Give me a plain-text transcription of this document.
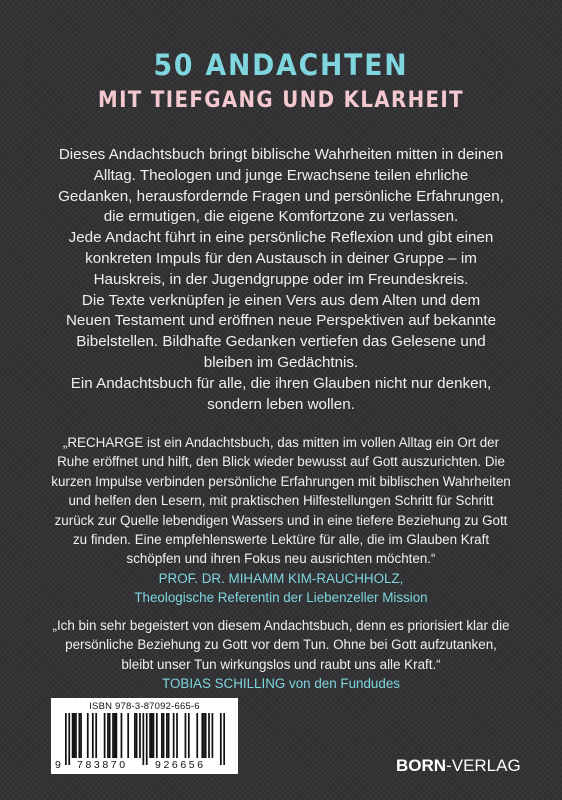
50 ANDACHTEN
MIT TIEFGANG UND KLARHEIT

Dieses Andachtsbuch bringt biblische Wahrheiten mitten in deinen Alltag. Theologen und junge Erwachsene teilen ehrliche Gedanken, herausfordernde Fragen und persönliche Erfahrungen, die ermutigen, die eigene Komfortzone zu verlassen.

Jede Andacht führt in eine persönliche Reflexion und gibt einen konkreten Impuls für den Austausch in deiner Gruppe – im Hauskreis, in der Jugendgruppe oder im Freundeskreis.

Die Texte verknüpfen je einen Vers aus dem Alten und dem Neuen Testament und eröffnen neue Perspektiven auf bekannte Bibelstellen. Bildhafte Gedanken vertiefen das Gelesene und bleiben im Gedächtnis.

Ein Andachtsbuch für alle, die ihren Glauben nicht nur denken, sondern leben wollen.

„RECHARGE ist ein Andachtsbuch, das mitten im vollen Alltag ein Ort der Ruhe eröffnet und hilft, den Blick wieder bewusst auf Gott auszurichten. Die kurzen Impulse verbinden persönliche Erfahrungen mit biblischen Wahrheiten und helfen den Lesern, mit praktischen Hilfestellungen Schritt für Schritt zurück zur Quelle lebendigen Wassers und in eine tiefere Beziehung zu Gott zu finden. Eine empfehlenswerte Lektüre für alle, die im Glauben Kraft schöpfen und ihren Fokus neu ausrichten möchten.“

PROF. DR. MIHAMM KIM-RAUCHHOLZ,

Theologische Referentin der Liebenzeller Mission

„Ich bin sehr begeistert von diesem Andachtsbuch, denn es priorisiert klar die persönliche Beziehung zu Gott vor dem Tun. Ohne bei Gott aufzutanken, bleibt unser Tun wirkungslos und raubt uns alle Kraft.“

TOBIAS SCHILLING von den Fundudes

ISBN 978-3-87092-665-6
9 783870	926656	BORN-VERLAG
